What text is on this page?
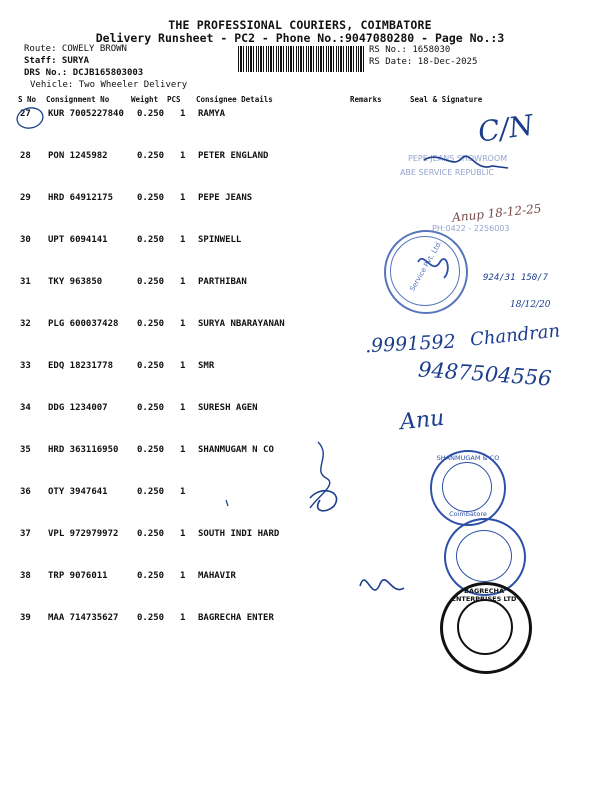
THE PROFESSIONAL COURIERS, COIMBATORE
Delivery Runsheet - PC2 - Phone No.:9047080280 - Page No.:3
Route: COWELY BROWN
Staff: SURYA
DRS No.: DCJB165803003
Vehicle: Two Wheeler Delivery
RS No.: 1658030
RS Date: 18-Dec-2025
S No Consignment No	Weight PCS Consignee Details	Remarks	Seal & Signature
27 KUR 7005227840 0.250 1 RAMYA
28 PON 1245982	0.250 1 PETER ENGLAND
29 HRD 64912175	0.250 1 PEPE JEANS
30 UPT 6094141	0.250 1 SPINWELL
31 TKY 963850	0.250 1 PARTHIBAN
32 PLG 600037428 0.250 1 SURYA NBARAYANAN
33 EDQ 18231778	0.250 1 SMR
34 DDG 1234007	0.250 1 SURESH AGEN
35 HRD 363116950 0.250 1 SHANMUGAM N CO
36 OTY 3947641	0.250 1
37 VPL 972979972 0.250 1 SOUTH INDI HARD
38 TRP 9076011	0.250 1 MAHAVIR
39 MAA 714735627 0.250 1 BAGRECHA ENTER
PEPE JEANS SHOWROOM
ABE SERVICE REPUBLIC
PH:0422 - 2256003
Service Pvt. Ltd.
SHANMUGAM & CO
Coimbatore
BAGRECHA ENTERPRISES LTD
C/N
Anup 18-12-25
924/31 150/7
18/12/20
.9991592 Chandran
9487504556
Anu
